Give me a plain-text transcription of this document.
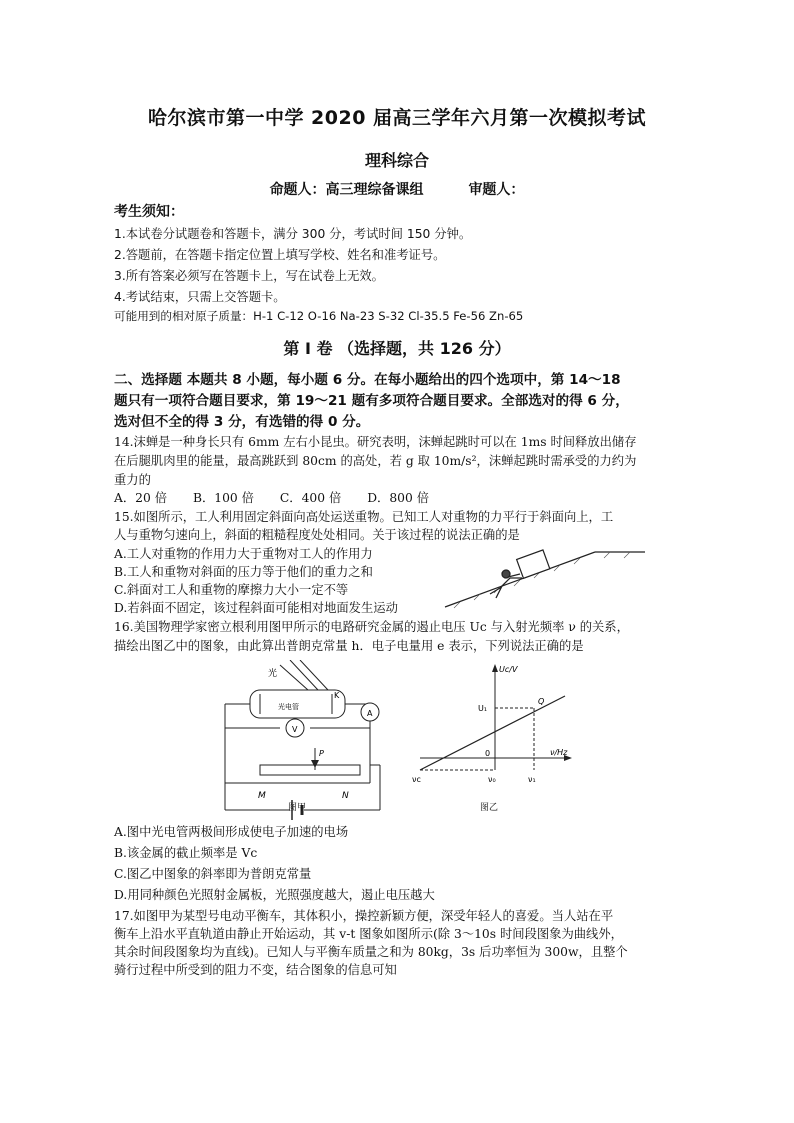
哈尔滨市第一中学 2020 届高三学年六月第一次模拟考试
理科综合
命题人：高三理综备课组	审题人：
考生须知：
1.本试卷分试题卷和答题卡，满分 300 分，考试时间 150 分钟。
2.答题前，在答题卡指定位置上填写学校、姓名和准考证号。
3.所有答案必须写在答题卡上，写在试卷上无效。
4.考试结束，只需上交答题卡。
可能用到的相对原子质量：H-1 C-12 O-16 Na-23 S-32 Cl-35.5 Fe-56 Zn-65
第 I 卷 （选择题，共 126 分）
二、选择题 本题共 8 小题，每小题 6 分。在每小题给出的四个选项中，第 14～18
题只有一项符合题目要求，第 19～21 题有多项符合题目要求。全部选对的得 6 分，
选对但不全的得 3 分，有选错的得 0 分。
14.沫蝉是一种身长只有 6mm 左右小昆虫。研究表明，沫蝉起跳时可以在 1ms 时间释放出储存
在后腿肌肉里的能量，最高跳跃到 80cm 的高处，若 g 取 10m/s²，沫蝉起跳时需承受的力约为
重力的
A．20 倍 B．100 倍 C．400 倍 D．800 倍
15.如图所示，工人利用固定斜面向高处运送重物。已知工人对重物的力平行于斜面向上，工
人与重物匀速向上，斜面的粗糙程度处处相同。关于该过程的说法正确的是
A.工人对重物的作用力大于重物对工人的作用力
B.工人和重物对斜面的压力等于他们的重力之和
C.斜面对工人和重物的摩擦力大小一定不等
D.若斜面不固定，该过程斜面可能相对地面发生运动
16.美国物理学家密立根利用图甲所示的电路研究金属的遏止电压 Uc 与入射光频率 ν 的关系，
描绘出图乙中的图象，由此算出普朗克常量 h．电子电量用 e 表示，下列说法正确的是
光
光电管
K
A
V
P
M	N
图甲
Uc/V
ν/Hz
U₁
Q
0
νc	ν₀	ν₁
图乙
A.图中光电管两极间形成使电子加速的电场
B.该金属的截止频率是 Vc
C.图乙中图象的斜率即为普朗克常量
D.用同种颜色光照射金属板，光照强度越大，遏止电压越大
17.如图甲为某型号电动平衡车，其体积小，操控新颖方便，深受年轻人的喜爱。当人站在平
衡车上沿水平直轨道由静止开始运动，其 v-t 图象如图所示(除 3～10s 时间段图象为曲线外，
其余时间段图象均为直线)。已知人与平衡车质量之和为 80kg，3s 后功率恒为 300w，且整个
骑行过程中所受到的阻力不变，结合图象的信息可知
